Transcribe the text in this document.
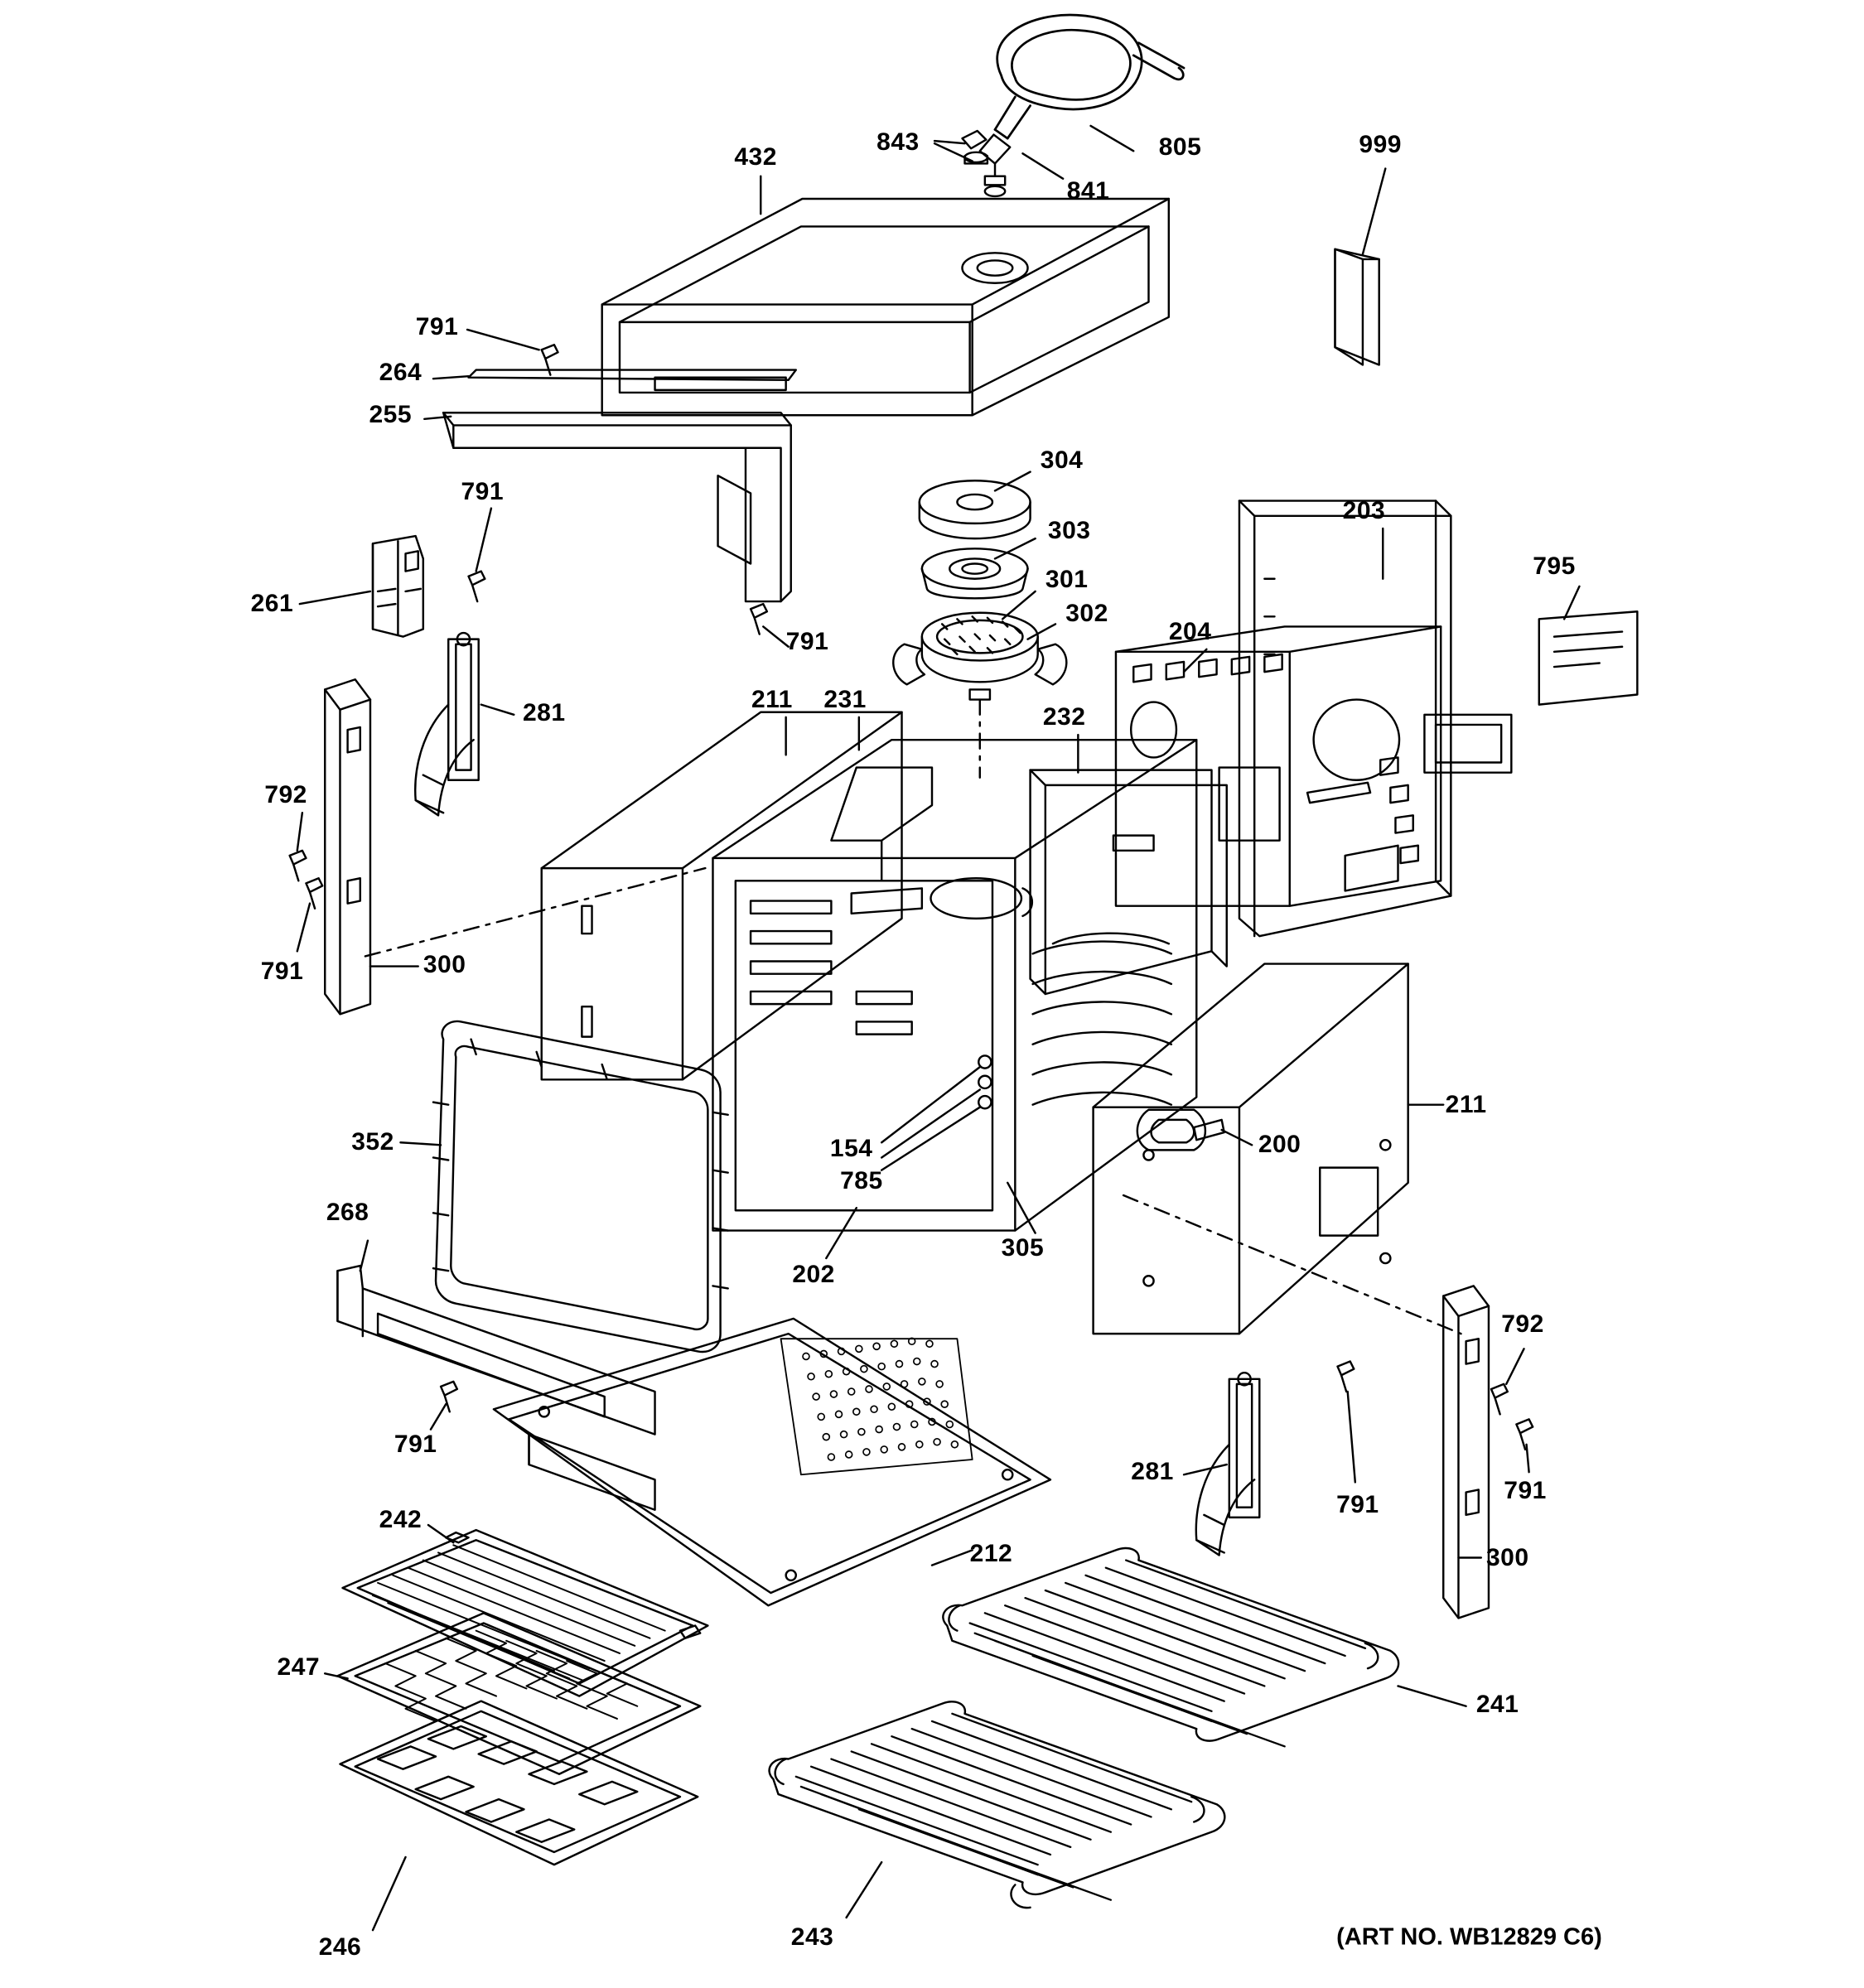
432
843	805
841
999
791
264
255
304
303
301
302
203
795
791
261
791	204
281
211 231
232
792
791	300
211
154	200
352
785
268
305
202
792
791
281
791
791
242
212	300
247
241
246	243	(ART NO. WB12829 C6)
